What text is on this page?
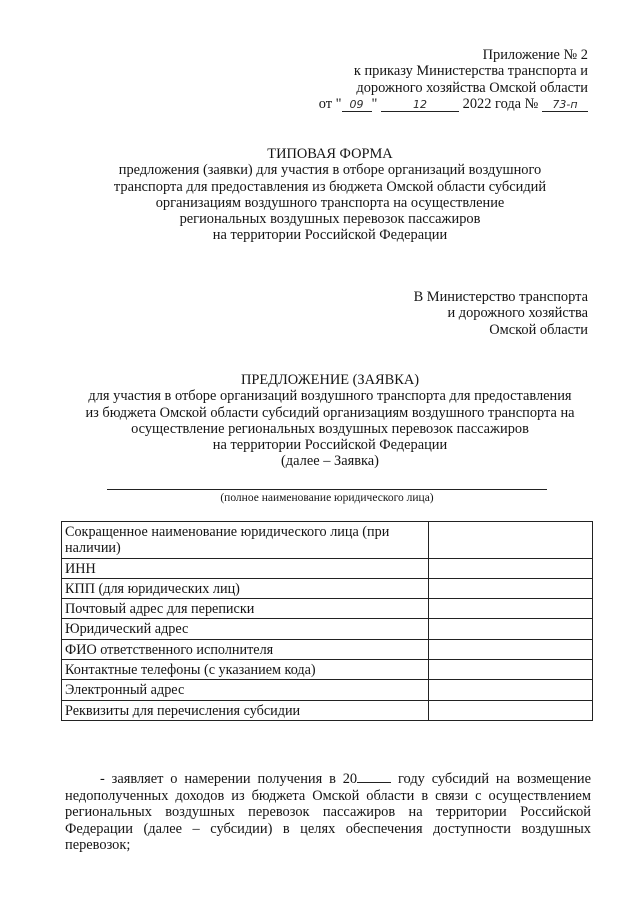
Приложение № 2
к приказу Министерства транспорта и
дорожного хозяйства Омской области
от " 09 "	12 2022 года № 73-п
ТИПОВАЯ ФОРМА
предложения (заявки) для участия в отборе организаций воздушного
транспорта для предоставления из бюджета Омской области субсидий
организациям воздушного транспорта на осуществление
региональных воздушных перевозок пассажиров
на территории Российской Федерации
В Министерство транспорта
и дорожного хозяйства
Омской области
ПРЕДЛОЖЕНИЕ (ЗАЯВКА)
для участия в отборе организаций воздушного транспорта для предоставления
из бюджета Омской области субсидий организациям воздушного транспорта на
осуществление региональных воздушных перевозок пассажиров
на территории Российской Федерации
(далее – Заявка)
(полное наименование юридического лица)
Сокращенное наименование юридического лица (при наличии)	
ИНН	
КПП (для юридических лиц)	
Почтовый адрес для переписки	
Юридический адрес	
ФИО ответственного исполнителя	
Контактные телефоны (с указанием кода)	
Электронный адрес	
Реквизиты для перечисления субсидии	
- заявляет о намерении получения в 20 году субсидий на возмещение недополученных доходов из бюджета Омской области в связи с осуществлением региональных воздушных перевозок пассажиров на территории Российской Федерации (далее – субсидии) в целях обеспечения доступности воздушных перевозок;
